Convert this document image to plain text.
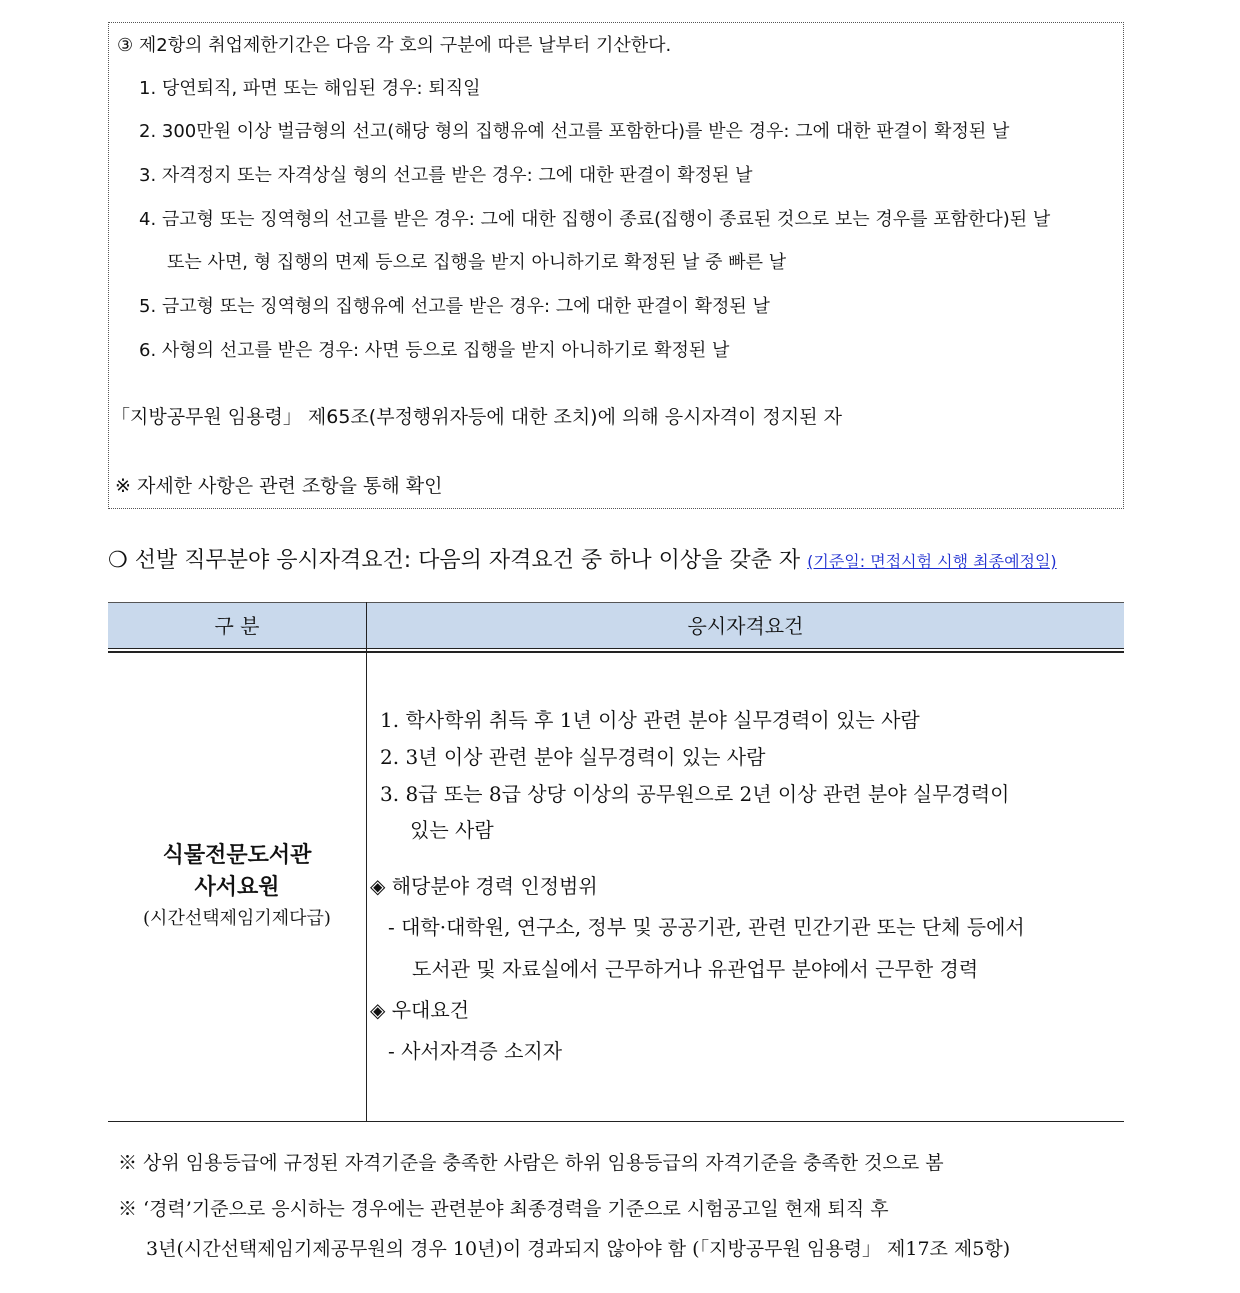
③ 제2항의 취업제한기간은 다음 각 호의 구분에 따른 날부터 기산한다.
1. 당연퇴직, 파면 또는 해임된 경우: 퇴직일
2. 300만원 이상 벌금형의 선고(해당 형의 집행유예 선고를 포함한다)를 받은 경우: 그에 대한 판결이 확정된 날
3. 자격정지 또는 자격상실 형의 선고를 받은 경우: 그에 대한 판결이 확정된 날
4. 금고형 또는 징역형의 선고를 받은 경우: 그에 대한 집행이 종료(집행이 종료된 것으로 보는 경우를 포함한다)된 날
또는 사면, 형 집행의 면제 등으로 집행을 받지 아니하기로 확정된 날 중 빠른 날
5. 금고형 또는 징역형의 집행유예 선고를 받은 경우: 그에 대한 판결이 확정된 날
6. 사형의 선고를 받은 경우: 사면 등으로 집행을 받지 아니하기로 확정된 날
「지방공무원 임용령」 제65조(부정행위자등에 대한 조치)에 의해 응시자격이 정지된 자
※ 자세한 사항은 관련 조항을 통해 확인
❍ 선발 직무분야 응시자격요건: 다음의 자격요건 중 하나 이상을 갖춘 자 (기준일: 면접시험 시행 최종예정일)
구 분	응시자격요건
식물전문도서관
사서요원
(시간선택제임기제다급)
1. 학사학위 취득 후 1년 이상 관련 분야 실무경력이 있는 사람
2. 3년 이상 관련 분야 실무경력이 있는 사람
3. 8급 또는 8급 상당 이상의 공무원으로 2년 이상 관련 분야 실무경력이
있는 사람
◈ 해당분야 경력 인정범위
- 대학·대학원, 연구소, 정부 및 공공기관, 관련 민간기관 또는 단체 등에서
도서관 및 자료실에서 근무하거나 유관업무 분야에서 근무한 경력
◈ 우대요건
- 사서자격증 소지자
※ 상위 임용등급에 규정된 자격기준을 충족한 사람은 하위 임용등급의 자격기준을 충족한 것으로 봄
※ ‘경력’기준으로 응시하는 경우에는 관련분야 최종경력을 기준으로 시험공고일 현재 퇴직 후
3년(시간선택제임기제공무원의 경우 10년)이 경과되지 않아야 함 (「지방공무원 임용령」 제17조 제5항)
